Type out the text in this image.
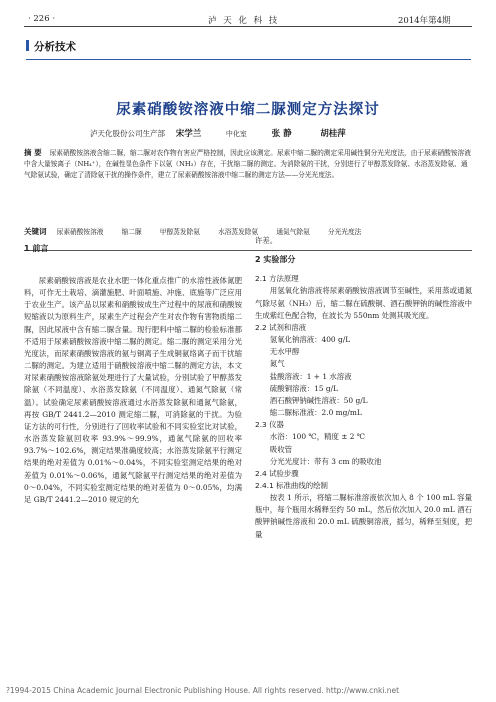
· 226 ·	泸 天 化 科 技	2014年第4期
分析技术
尿素硝酸铵溶液中缩二脲测定方法探讨
泸天化股份公司生产部 宋学兰	中化室	张 静	胡桂萍
摘 要 尿素硝酸铵溶液含缩二脲，缩二脲对农作物有害应严格控制，因此应该测定。尿素中缩二脲的测定采用碱性铜分光光度法，由于尿素硝酸铵溶液中含大量铵离子（NH₄⁺），在碱性显色条件下以氨（NH₃）存在，干扰缩二脲的测定。为消除氨的干扰，分别进行了甲醇蒸发除氨、水浴蒸发除氨、通气除氨试验，确定了清除氨干扰的操作条件，建立了尿素硝酸铵溶液中缩二脲的测定方法——分光光度法。
关键词 尿素硝酸铵溶液	缩二脲	甲醇蒸发除氨	水浴蒸发除氨	通氮气除氨	分光光度法
1 前言

尿素硝酸铵溶液是农业水肥一体化重点推广的水溶性液体氮肥料，可作无土栽培、滴灌施肥、叶面喷施、冲施、底施等广泛应用于农业生产。该产品以尿素和硝酸铵成生产过程中的尿液和硝酸铵短缩液以为原料生产，尿素生产过程会产生对农作物有害物质缩二脲，因此尿液中含有缩二脲含量。现行肥料中缩二脲的检验标准都不适用于尿素硝酸铵溶液中缩二脲的测定。缩二脲的测定采用分光光度法，而尿素硝酸铵溶液的氨与铜离子生成铜氨络离子而干扰缩二脲的测定。为建立适用于硝酸铵溶液中缩二脲的测定方法，本文对尿素硝酸铵溶液除氨处理进行了大量试验，分别试验了甲醇蒸发除氨（不同温度）、水浴蒸发除氨（不同温度）、通氮气除氨（常温）。试验确定尿素硝酸铵溶液通过水浴蒸发除氨和通氮气除氨，再按 GB/T 2441.2—2010 测定缩二脲，可消除氨的干扰。为验证方法的可行性，分别进行了回收率试验和不同实验室比对试验，水浴蒸发除氨回收率 93.9%～99.9%，通氮气除氨的回收率 93.7%～102.6%，测定结果准确度较高；水浴蒸发除氨平行测定结果的绝对差值为 0.01%～0.04%，不同实验室测定结果的绝对差值为 0.01%～0.06%，通氮气除氨平行测定结果的绝对差值为 0～0.04%，不同实验室测定结果的绝对差值为 0～0.05%，均满足 GB/T 2441.2—2010 规定的允

许差。

2 实验部分

2.1 方法原理

用氢氧化钠溶液将尿素硝酸铵溶液调节至碱性，采用蒸或通氮气除尽氨（NH₃）后，缩二脲在硫酸铜、酒石酸钾钠的碱性溶液中生成紫红色配合物，在波长为 550nm 处测其吸光度。

2.2 试剂和溶液

氢氧化钠溶液：400 g/L

无水甲醇

氮气

盐酸溶液：1 + 1 水溶液

硫酸铜溶液：15 g/L

酒石酸钾钠碱性溶液：50 g/L

缩二脲标准液：2.0 mg/mL

2.3 仪器

水浴：100 ℃，精度 ± 2 ℃

吸收管

分光光度计：带有 3 cm 的吸收池

2.4 试验步骤

2.4.1 标准曲线的绘制

按表 1 所示，将缩二脲标准溶液依次加入 8 个 100 mL 容量瓶中，每个瓶用水稀释至约 50 mL，然后依次加入 20.0 mL 酒石酸钾钠碱性溶液和 20.0 mL 硫酸铜溶液，摇匀，稀释至刻度，把量

?1994-2015 China Academic Journal Electronic Publishing House. All rights reserved. http://www.cnki.net
